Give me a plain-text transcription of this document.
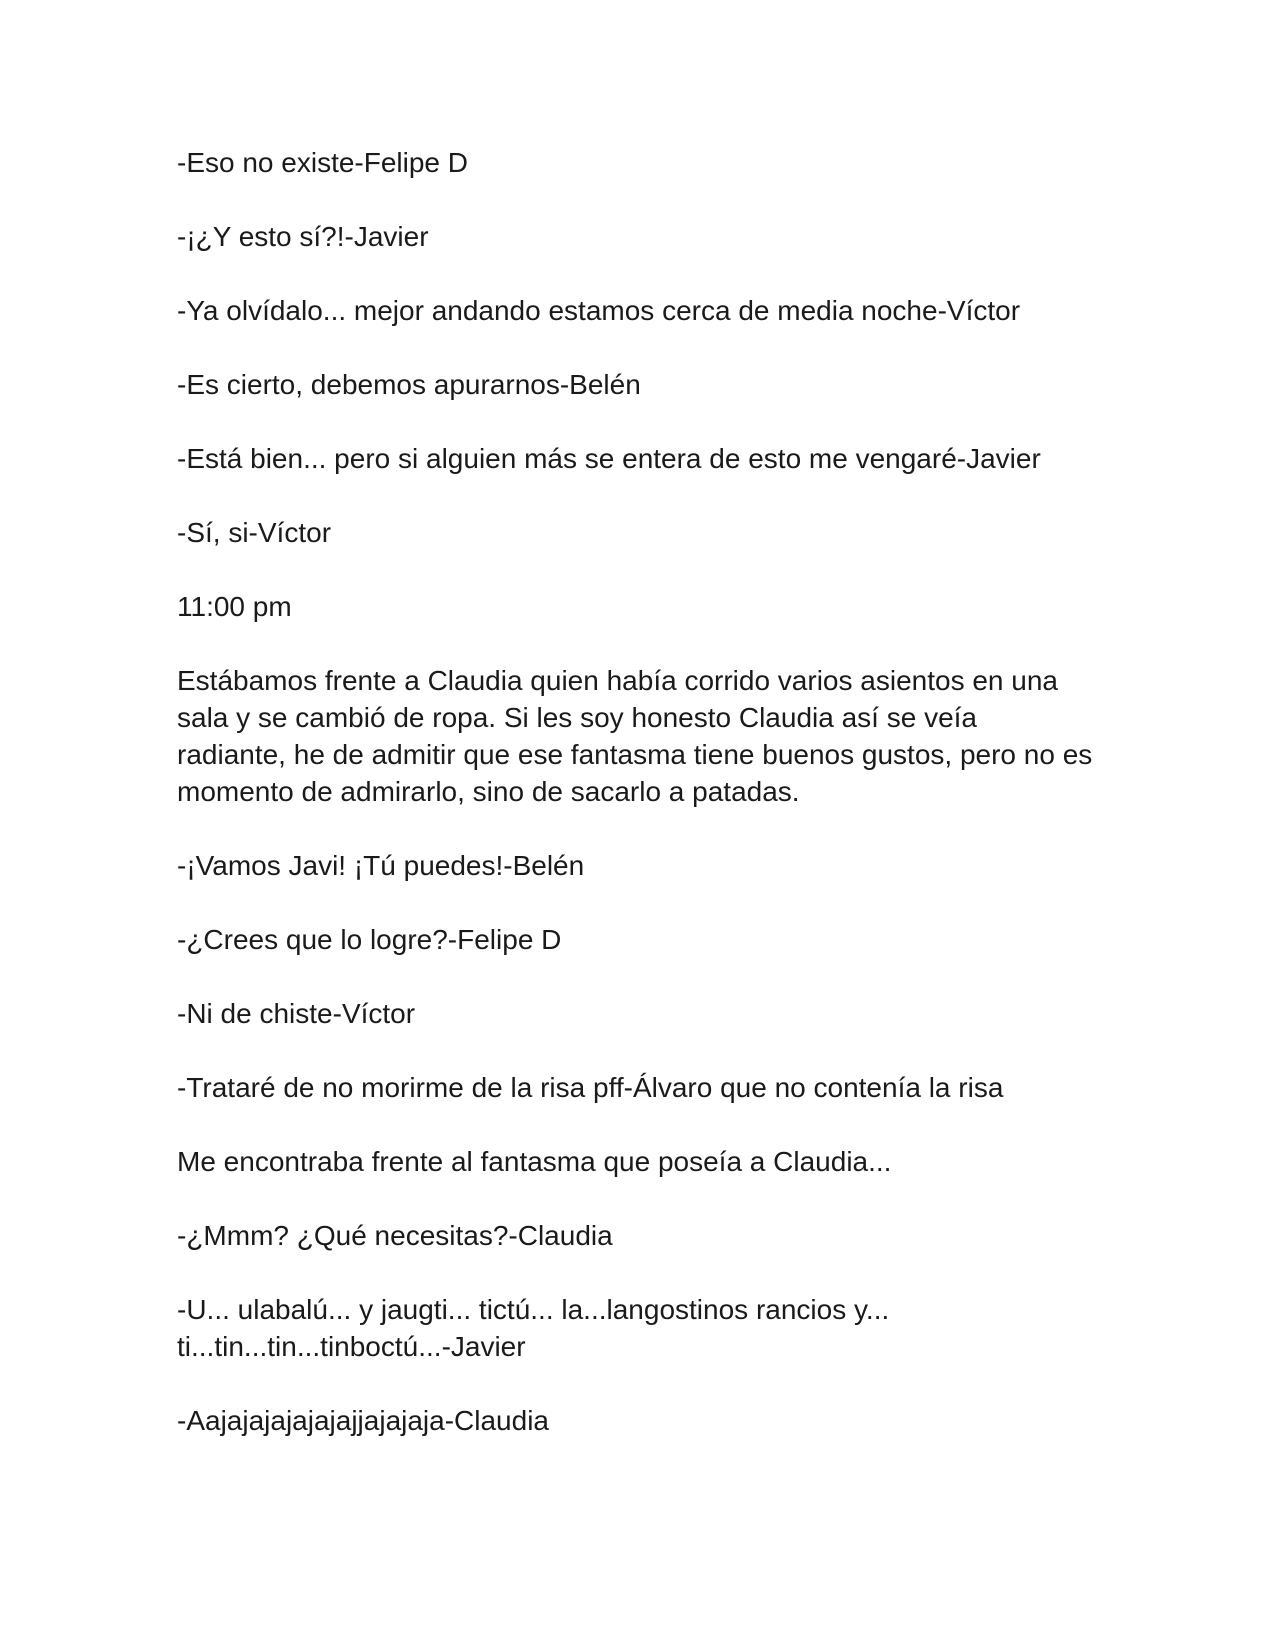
-Eso no existe-Felipe D

-¡¿Y esto sí?!-Javier

-Ya olvídalo... mejor andando estamos cerca de media noche-Víctor

-Es cierto, debemos apurarnos-Belén

-Está bien... pero si alguien más se entera de esto me vengaré-Javier

-Sí, si-Víctor

11:00 pm

Estábamos frente a Claudia quien había corrido varios asientos en una
sala y se cambió de ropa. Si les soy honesto Claudia así se veía
radiante, he de admitir que ese fantasma tiene buenos gustos, pero no es
momento de admirarlo, sino de sacarlo a patadas.

-¡Vamos Javi! ¡Tú puedes!-Belén

-¿Crees que lo logre?-Felipe D

-Ni de chiste-Víctor

-Trataré de no morirme de la risa pff-Álvaro que no contenía la risa

Me encontraba frente al fantasma que poseía a Claudia...

-¿Mmm? ¿Qué necesitas?-Claudia

-U... ulabalú... y jaugti... tictú... la...langostinos rancios y...
ti...tin...tin...tinboctú...-Javier

-Aajajajajajajajjajajaja-Claudia
